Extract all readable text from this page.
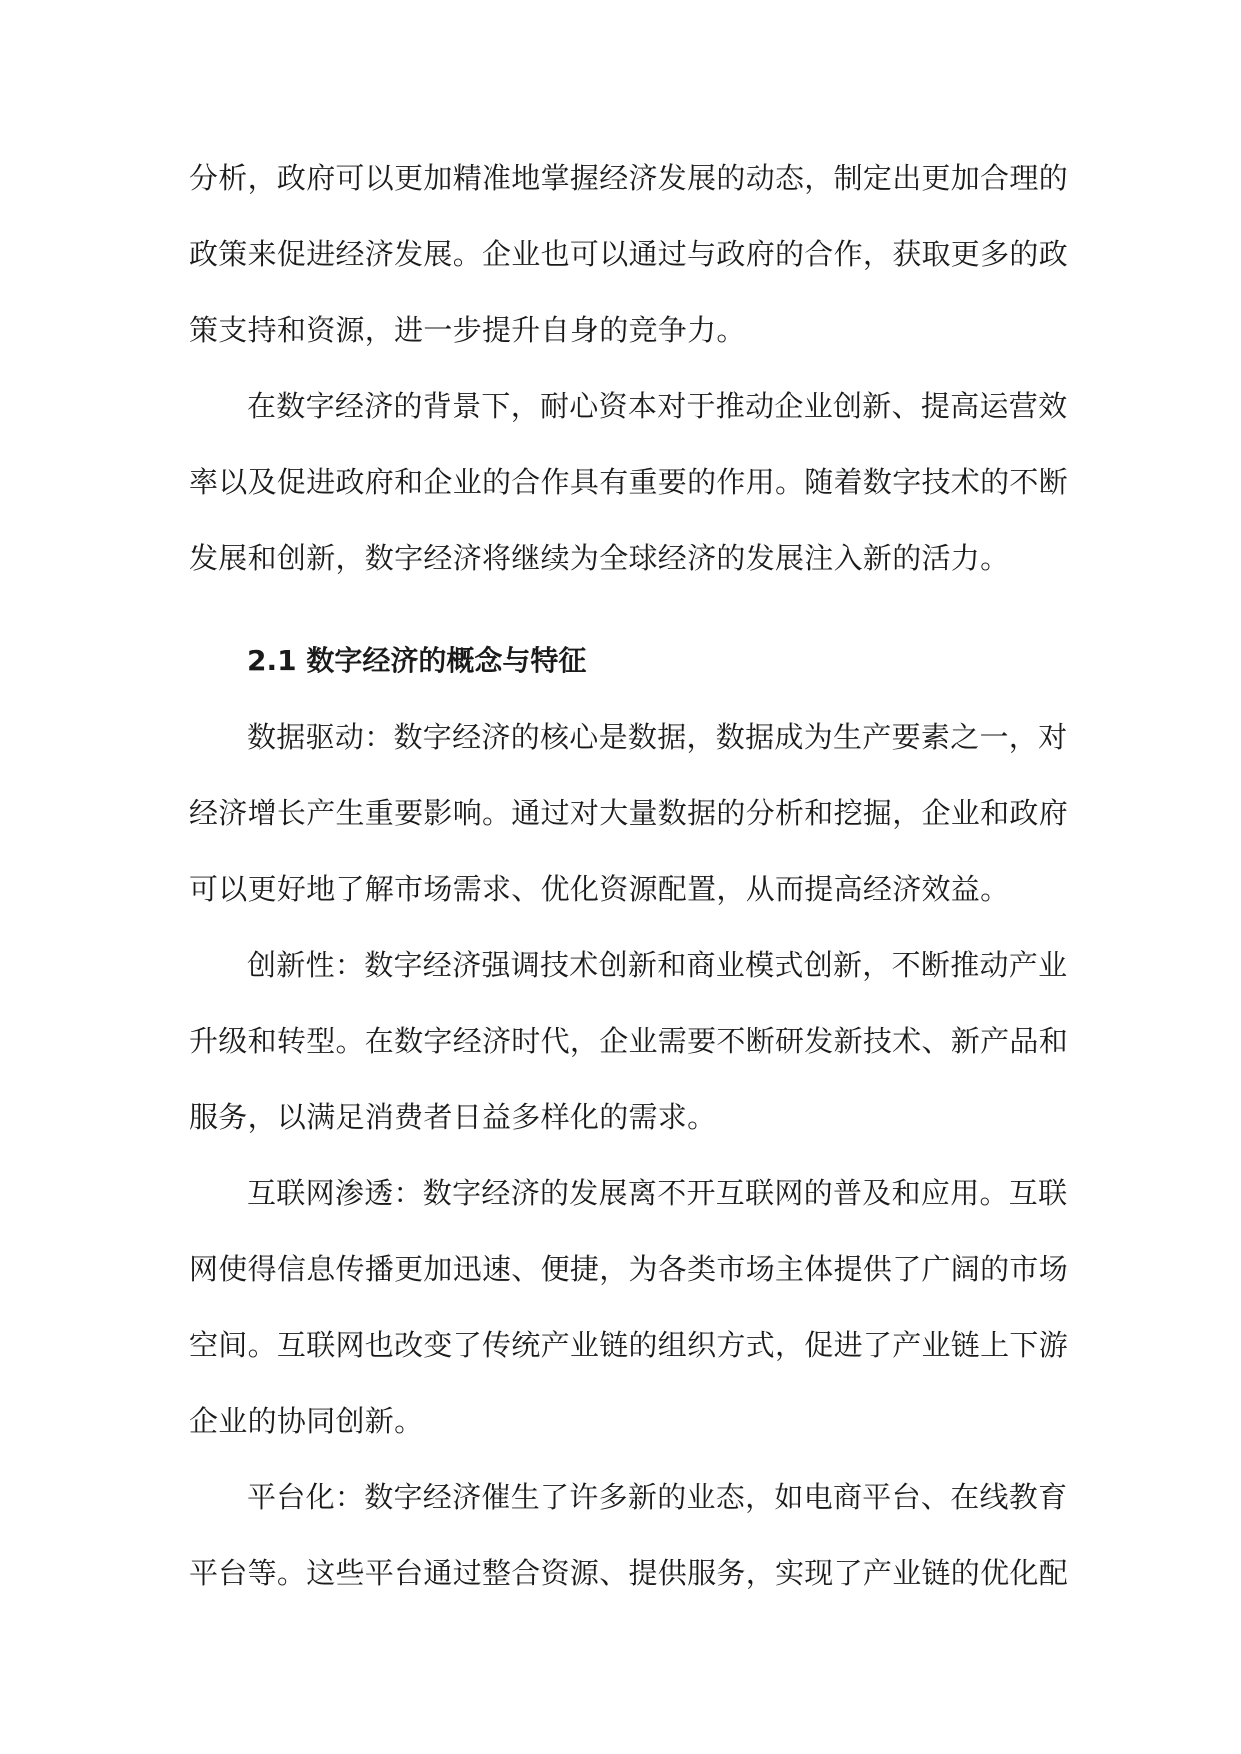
分析，政府可以更加精准地掌握经济发展的动态，制定出更加合理的
政策来促进经济发展。企业也可以通过与政府的合作，获取更多的政
策支持和资源，进一步提升自身的竞争力。

在数字经济的背景下，耐心资本对于推动企业创新、提高运营效
率以及促进政府和企业的合作具有重要的作用。随着数字技术的不断
发展和创新，数字经济将继续为全球经济的发展注入新的活力。

2.1 数字经济的概念与特征

数据驱动：数字经济的核心是数据，数据成为生产要素之一，对
经济增长产生重要影响。通过对大量数据的分析和挖掘，企业和政府
可以更好地了解市场需求、优化资源配置，从而提高经济效益。

创新性：数字经济强调技术创新和商业模式创新，不断推动产业
升级和转型。在数字经济时代，企业需要不断研发新技术、新产品和
服务，以满足消费者日益多样化的需求。

互联网渗透：数字经济的发展离不开互联网的普及和应用。互联
网使得信息传播更加迅速、便捷，为各类市场主体提供了广阔的市场
空间。互联网也改变了传统产业链的组织方式，促进了产业链上下游
企业的协同创新。

平台化：数字经济催生了许多新的业态，如电商平台、在线教育
平台等。这些平台通过整合资源、提供服务，实现了产业链的优化配
